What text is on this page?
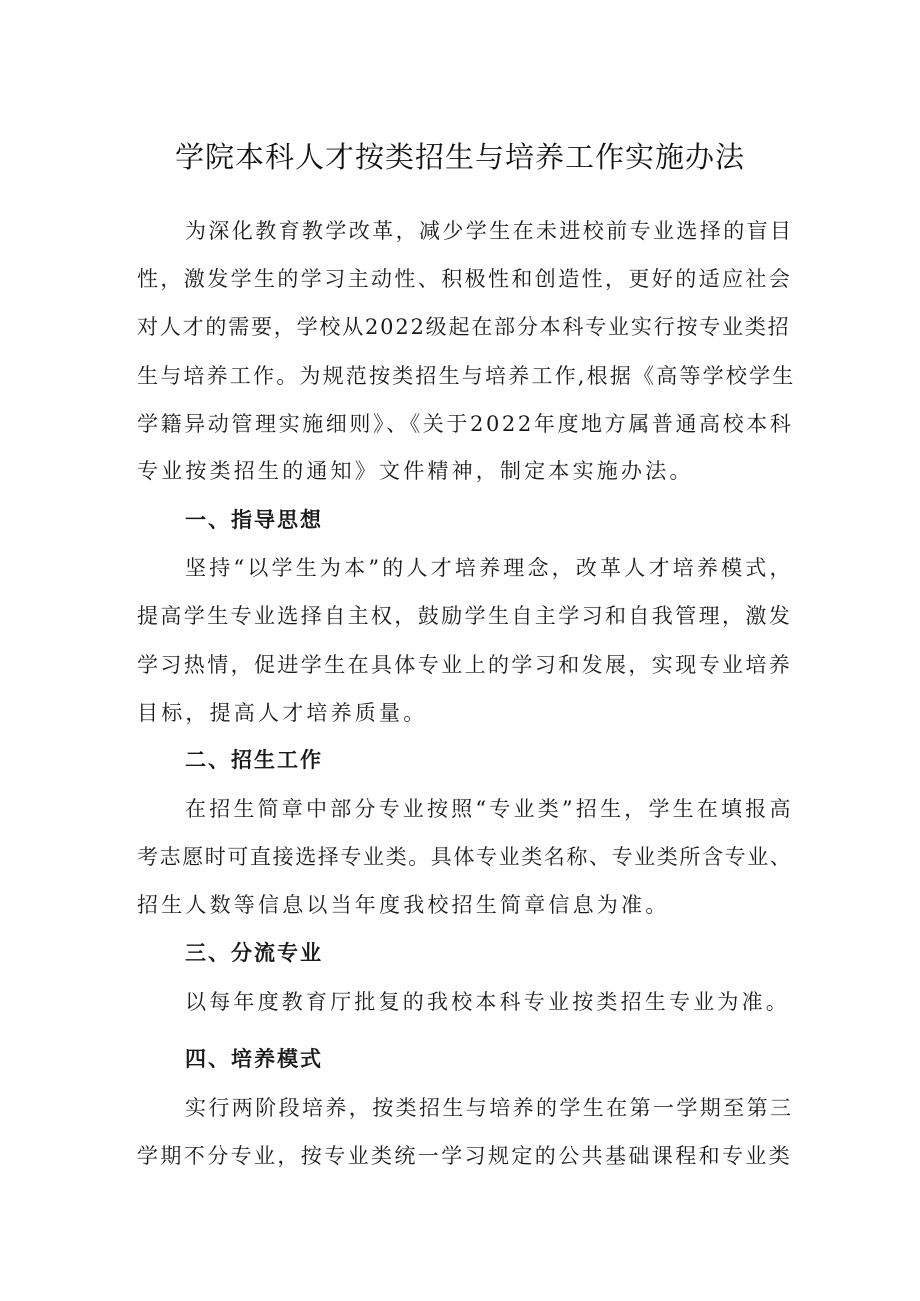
学院本科人才按类招生与培养工作实施办法

为深化教育教学改革，减少学生在未进校前专业选择的盲目

性，激发学生的学习主动性、积极性和创造性，更好的适应社会

对人才的需要，学校从2022级起在部分本科专业实行按专业类招

生与培养工作。为规范按类招生与培养工作,根据《高等学校学生

学籍异动管理实施细则》、《关于2022年度地方属普通高校本科

专业按类招生的通知》文件精神，制定本实施办法。

一、指导思想

坚持“以学生为本”的人才培养理念，改革人才培养模式，

提高学生专业选择自主权，鼓励学生自主学习和自我管理，激发

学习热情，促进学生在具体专业上的学习和发展，实现专业培养

目标，提高人才培养质量。

二、招生工作

在招生简章中部分专业按照“专业类”招生，学生在填报高

考志愿时可直接选择专业类。具体专业类名称、专业类所含专业、

招生人数等信息以当年度我校招生简章信息为准。

三、分流专业

以每年度教育厅批复的我校本科专业按类招生专业为准。

四、培养模式

实行两阶段培养，按类招生与培养的学生在第一学期至第三

学期不分专业，按专业类统一学习规定的公共基础课程和专业类
